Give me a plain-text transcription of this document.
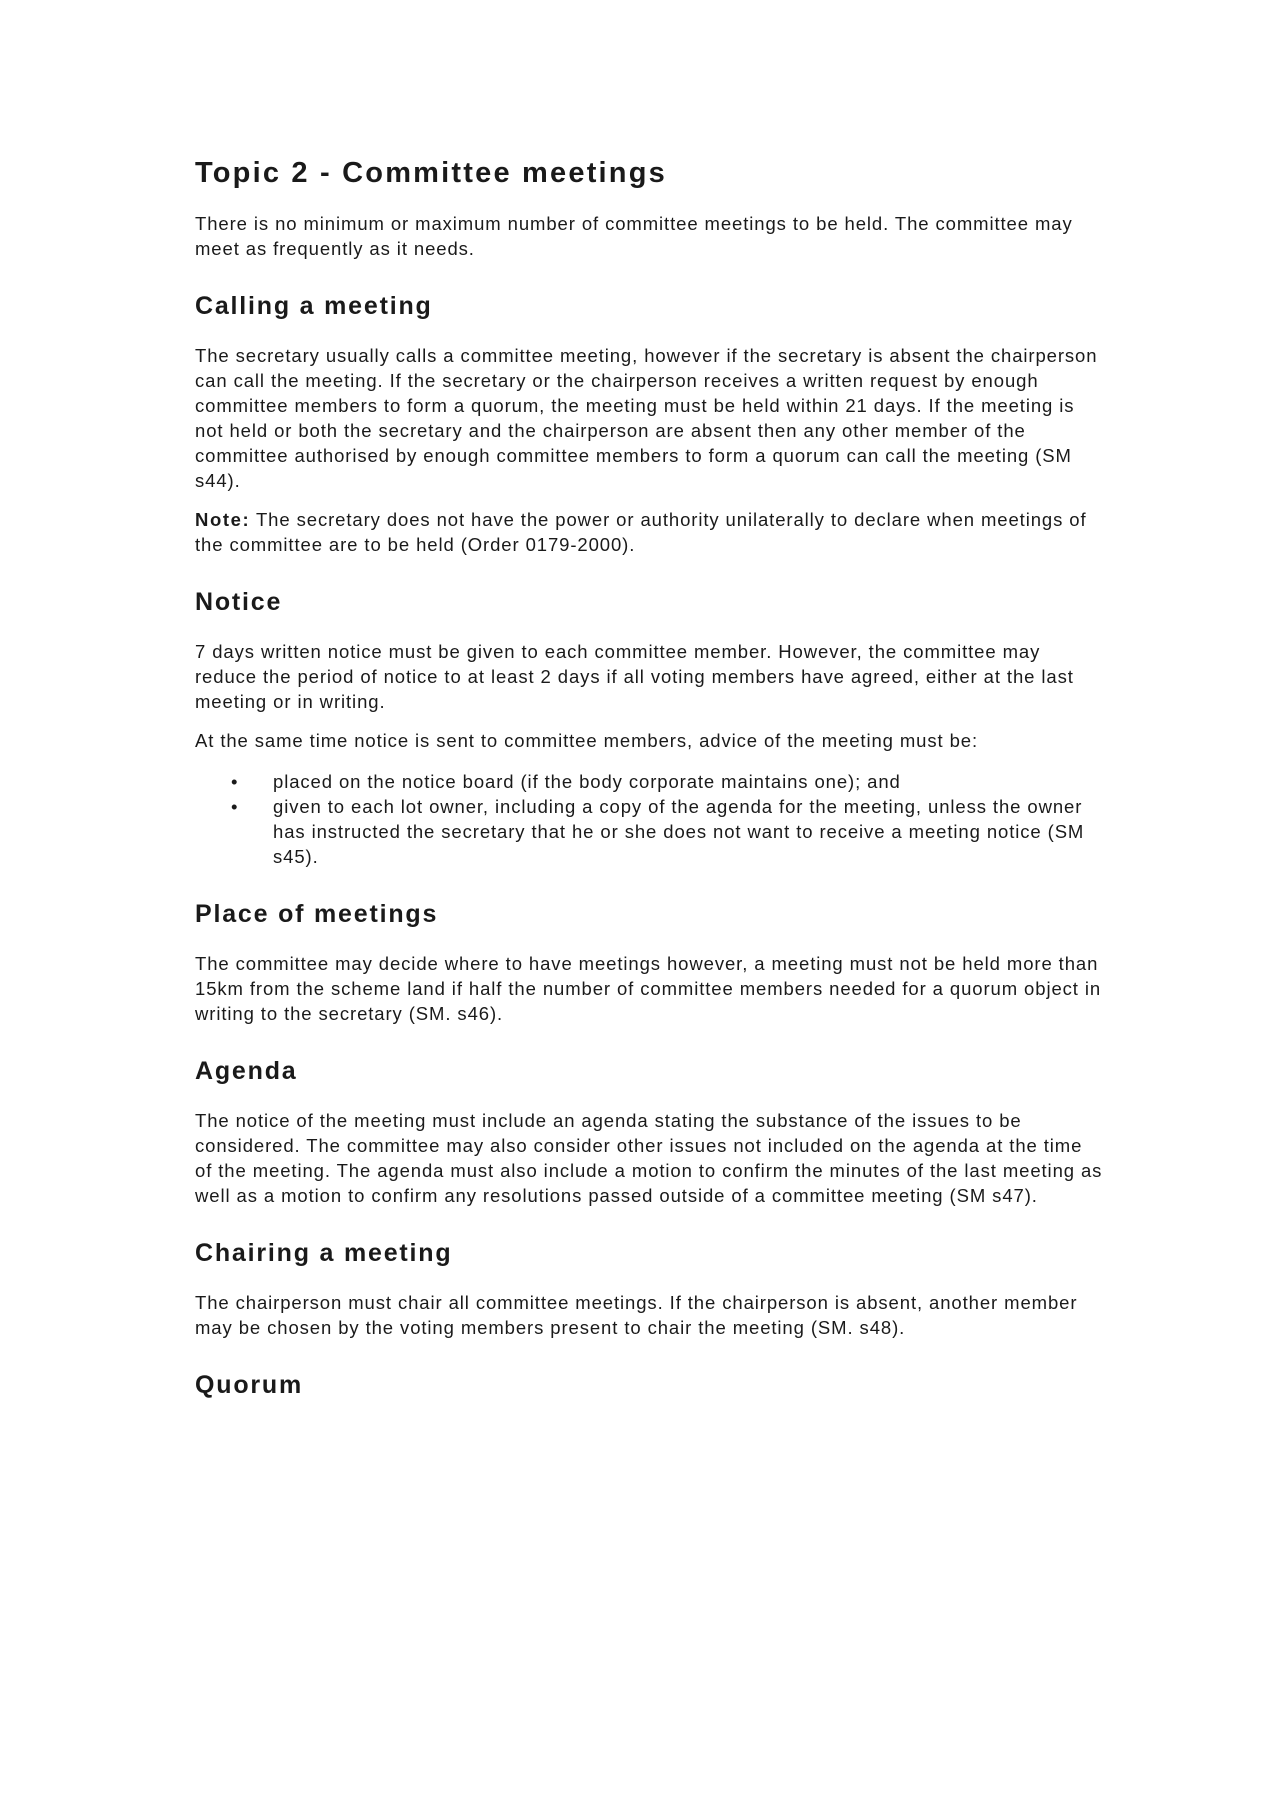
Topic 2 - Committee meetings

There is no minimum or maximum number of committee meetings to be held. The committee may meet as frequently as it needs.

Calling a meeting

The secretary usually calls a committee meeting, however if the secretary is absent the chairperson can call the meeting. If the secretary or the chairperson receives a written request by enough committee members to form a quorum, the meeting must be held within 21 days. If the meeting is not held or both the secretary and the chairperson are absent then any other member of the committee authorised by enough committee members to form a quorum can call the meeting (SM s44).

Note: The secretary does not have the power or authority unilaterally to declare when meetings of the committee are to be held (Order 0179-2000).

Notice

7 days written notice must be given to each committee member. However, the committee may reduce the period of notice to at least 2 days if all voting members have agreed, either at the last meeting or in writing.

At the same time notice is sent to committee members, advice of the meeting must be:

• placed on the notice board (if the body corporate maintains one); and
• given to each lot owner, including a copy of the agenda for the meeting, unless the owner has instructed the secretary that he or she does not want to receive a meeting notice (SM s45).
Place of meetings

The committee may decide where to have meetings however, a meeting must not be held more than 15km from the scheme land if half the number of committee members needed for a quorum object in writing to the secretary (SM. s46).

Agenda

The notice of the meeting must include an agenda stating the substance of the issues to be considered. The committee may also consider other issues not included on the agenda at the time of the meeting. The agenda must also include a motion to confirm the minutes of the last meeting as well as a motion to confirm any resolutions passed outside of a committee meeting (SM s47).

Chairing a meeting

The chairperson must chair all committee meetings. If the chairperson is absent, another member may be chosen by the voting members present to chair the meeting (SM. s48).

Quorum
